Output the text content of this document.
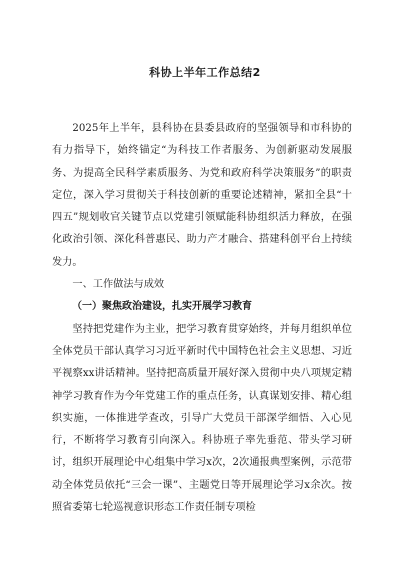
科协上半年工作总结2

2025年上半年，县科协在县委县政府的坚强领导和市科协的有力指导下，始终锚定“为科技工作者服务、为创新驱动发展服务、为提高全民科学素质服务、为党和政府科学决策服务”的职责定位，深入学习贯彻关于科技创新的重要论述精神，紧扣全县“十四五”规划收官关键节点以党建引领赋能科协组织活力释放，在强化政治引领、深化科普惠民、助力产才融合、搭建科创平台上持续发力。

一、工作做法与成效

（一）聚焦政治建设，扎实开展学习教育

坚持把党建作为主业，把学习教育贯穿始终，并每月组织单位全体党员干部认真学习习近平新时代中国特色社会主义思想、习近平视察xx讲话精神。坚持把高质量开展好深入贯彻中央八项规定精神学习教育作为今年党建工作的重点任务，认真谋划安排、精心组织实施，一体推进学查改，引导广大党员干部深学细悟、入心见行，不断将学习教育引向深入。科协班子率先垂范、带头学习研讨，组织开展理论中心组集中学习x次，2次通报典型案例，示范带动全体党员依托“三会一课”、主题党日等开展理论学习x余次。按照省委第七轮巡视意识形态工作责任制专项检
